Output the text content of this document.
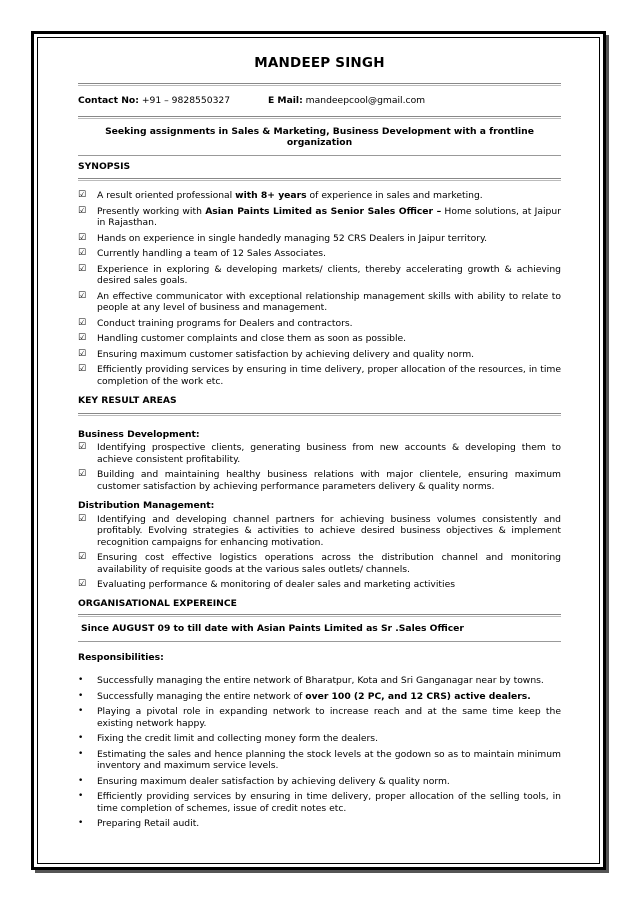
MANDEEP SINGH
Contact No: +91 – 9828550327	E Mail: mandeepcool@gmail.com
Seeking assignments in Sales & Marketing, Business Development with a frontline organization
SYNOPSIS
☑ A result oriented professional with 8+ years of experience in sales and marketing.
☑ Presently working with Asian Paints Limited as Senior Sales Officer – Home solutions, at Jaipur in Rajasthan.
☑ Hands on experience in single handedly managing 52 CRS Dealers in Jaipur territory.
☑ Currently handling a team of 12 Sales Associates.
☑ Experience in exploring & developing markets/ clients, thereby accelerating growth & achieving desired sales goals.
☑ An effective communicator with exceptional relationship management skills with ability to relate to people at any level of business and management.
☑ Conduct training programs for Dealers and contractors.
☑ Handling customer complaints and close them as soon as possible.
☑ Ensuring maximum customer satisfaction by achieving delivery and quality norm.
☑ Efficiently providing services by ensuring in time delivery, proper allocation of the resources, in time completion of the work etc.
KEY RESULT AREAS
Business Development:
☑ Identifying prospective clients, generating business from new accounts & developing them to achieve consistent profitability.
☑ Building and maintaining healthy business relations with major clientele, ensuring maximum customer satisfaction by achieving performance parameters delivery & quality norms.
Distribution Management:
☑ Identifying and developing channel partners for achieving business volumes consistently and profitably. Evolving strategies & activities to achieve desired business objectives & implement recognition campaigns for enhancing motivation.
☑ Ensuring cost effective logistics operations across the distribution channel and monitoring availability of requisite goods at the various sales outlets/ channels.
☑ Evaluating performance & monitoring of dealer sales and marketing activities
ORGANISATIONAL EXPEREINCE
Since AUGUST 09 to till date with Asian Paints Limited as Sr .Sales Officer
Responsibilities:
• Successfully managing the entire network of Bharatpur, Kota and Sri Ganganagar near by towns.
• Successfully managing the entire network of over 100 (2 PC, and 12 CRS) active dealers.
• Playing a pivotal role in expanding network to increase reach and at the same time keep the existing network happy.
• Fixing the credit limit and collecting money form the dealers.
• Estimating the sales and hence planning the stock levels at the godown so as to maintain minimum inventory and maximum service levels.
• Ensuring maximum dealer satisfaction by achieving delivery & quality norm.
• Efficiently providing services by ensuring in time delivery, proper allocation of the selling tools, in time completion of schemes, issue of credit notes etc.
• Preparing Retail audit.
